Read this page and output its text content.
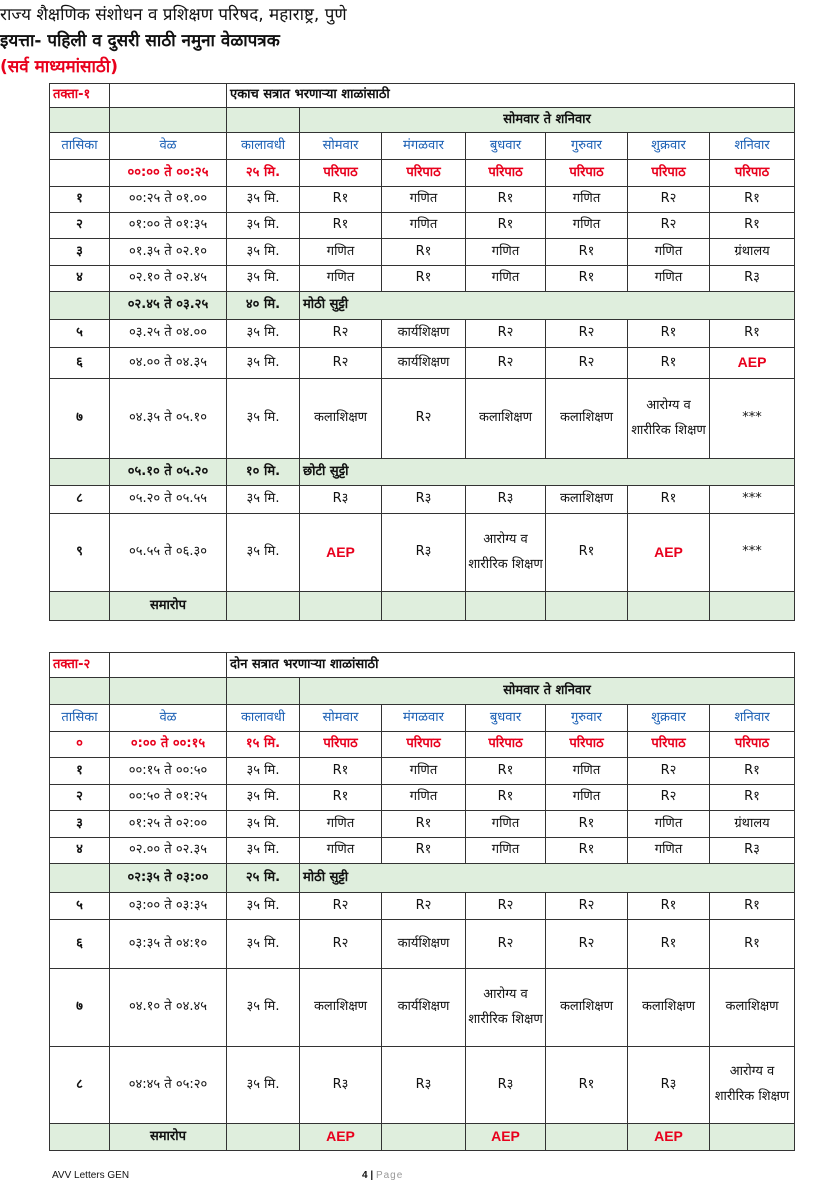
राज्य शैक्षणिक संशोधन व प्रशिक्षण परिषद, महाराष्ट्र, पुणे
इयत्ता- पहिली व दुसरी साठी नमुना वेळापत्रक
(सर्व माध्यमांसाठी)
तक्ता-१		एकाच सत्रात भरणाऱ्या शाळांसाठी						
			सोमवार ते शनिवार					
तासिका	वेळ	कालावधी	सोमवार	मंगळवार	बुधवार	गुरुवार	शुक्रवार	शनिवार
	००:०० ते ००:२५	२५ मि.	परिपाठ	परिपाठ	परिपाठ	परिपाठ	परिपाठ	परिपाठ
१	००:२५ ते ०१.००	३५ मि.	R१	गणित	R१	गणित	R२	R१
२	०१:०० ते ०१:३५	३५ मि.	R१	गणित	R१	गणित	R२	R१
३	०१.३५ ते ०२.१०	३५ मि.	गणित	R१	गणित	R१	गणित	ग्रंथालय
४	०२.१० ते ०२.४५	३५ मि.	गणित	R१	गणित	R१	गणित	R३
	०२.४५ ते ०३.२५	४० मि.	मोठी सुट्टी					
५	०३.२५ ते ०४.००	३५ मि.	R२	कार्यशिक्षण	R२	R२	R१	R१
६	०४.०० ते ०४.३५	३५ मि.	R२	कार्यशिक्षण	R२	R२	R१	AEP
७	०४.३५ ते ०५.१०	३५ मि.	कलाशिक्षण	R२	कलाशिक्षण	कलाशिक्षण	आरोग्य व शारीरिक शिक्षण	***
	०५.१० ते ०५.२०	१० मि.	छोटी सुट्टी					
८	०५.२० ते ०५.५५	३५ मि.	R३	R३	R३	कलाशिक्षण	R१	***
९	०५.५५ ते ०६.३०	३५ मि.	AEP	R३	आरोग्य व शारीरिक शिक्षण	R१	AEP	***
	समारोप							
तक्ता-२		दोन सत्रात भरणाऱ्या शाळांसाठी						
			सोमवार ते शनिवार					
तासिका	वेळ	कालावधी	सोमवार	मंगळवार	बुधवार	गुरुवार	शुक्रवार	शनिवार
०	०:०० ते ००:१५	१५ मि.	परिपाठ	परिपाठ	परिपाठ	परिपाठ	परिपाठ	परिपाठ
१	००:१५ ते ००:५०	३५ मि.	R१	गणित	R१	गणित	R२	R१
२	००:५० ते ०१:२५	३५ मि.	R१	गणित	R१	गणित	R२	R१
३	०१:२५ ते ०२:००	३५ मि.	गणित	R१	गणित	R१	गणित	ग्रंथालय
४	०२.०० ते ०२.३५	३५ मि.	गणित	R१	गणित	R१	गणित	R३
	०२:३५ ते ०३:००	२५ मि.	मोठी सुट्टी					
५	०३:०० ते ०३:३५	३५ मि.	R२	R२	R२	R२	R१	R१
६	०३:३५ ते ०४:१०	३५ मि.	R२	कार्यशिक्षण	R२	R२	R१	R१
७	०४.१० ते ०४.४५	३५ मि.	कलाशिक्षण	कार्यशिक्षण	आरोग्य व शारीरिक शिक्षण	कलाशिक्षण	कलाशिक्षण	कलाशिक्षण
८	०४:४५ ते ०५:२०	३५ मि.	R३	R३	R३	R१	R३	आरोग्य व शारीरिक शिक्षण
	समारोप		AEP		AEP		AEP	
AVV Letters GEN	4 | Page
